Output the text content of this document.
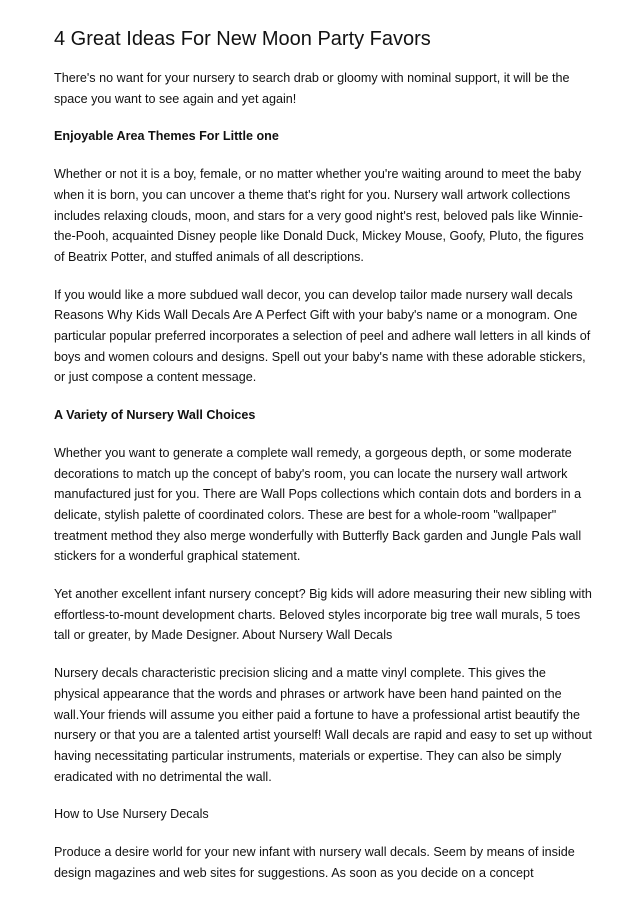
4 Great Ideas For New Moon Party Favors

There's no want for your nursery to search drab or gloomy with nominal support, it will be the space you want to see again and yet again!

Enjoyable Area Themes For Little one

Whether or not it is a boy, female, or no matter whether you're waiting around to meet the baby when it is born, you can uncover a theme that's right for you. Nursery wall artwork collections includes relaxing clouds, moon, and stars for a very good night's rest, beloved pals like Winnie-the-Pooh, acquainted Disney people like Donald Duck, Mickey Mouse, Goofy, Pluto, the figures of Beatrix Potter, and stuffed animals of all descriptions.

If you would like a more subdued wall decor, you can develop tailor made nursery wall decals Reasons Why Kids Wall Decals Are A Perfect Gift with your baby's name or a monogram. One particular popular preferred incorporates a selection of peel and adhere wall letters in all kinds of boys and women colours and designs. Spell out your baby's name with these adorable stickers, or just compose a content message.

A Variety of Nursery Wall Choices

Whether you want to generate a complete wall remedy, a gorgeous depth, or some moderate decorations to match up the concept of baby's room, you can locate the nursery wall artwork manufactured just for you. There are Wall Pops collections which contain dots and borders in a delicate, stylish palette of coordinated colors. These are best for a whole-room "wallpaper" treatment method they also merge wonderfully with Butterfly Back garden and Jungle Pals wall stickers for a wonderful graphical statement.

Yet another excellent infant nursery concept? Big kids will adore measuring their new sibling with effortless-to-mount development charts. Beloved styles incorporate big tree wall murals, 5 toes tall or greater, by Made Designer. About Nursery Wall Decals

Nursery decals characteristic precision slicing and a matte vinyl complete. This gives the physical appearance that the words and phrases or artwork have been hand painted on the wall.Your friends will assume you either paid a fortune to have a professional artist beautify the nursery or that you are a talented artist yourself! Wall decals are rapid and easy to set up without having necessitating particular instruments, materials or expertise. They can also be simply eradicated with no detrimental the wall.

How to Use Nursery Decals

Produce a desire world for your new infant with nursery wall decals. Seem by means of inside design magazines and web sites for suggestions. As soon as you decide on a concept
